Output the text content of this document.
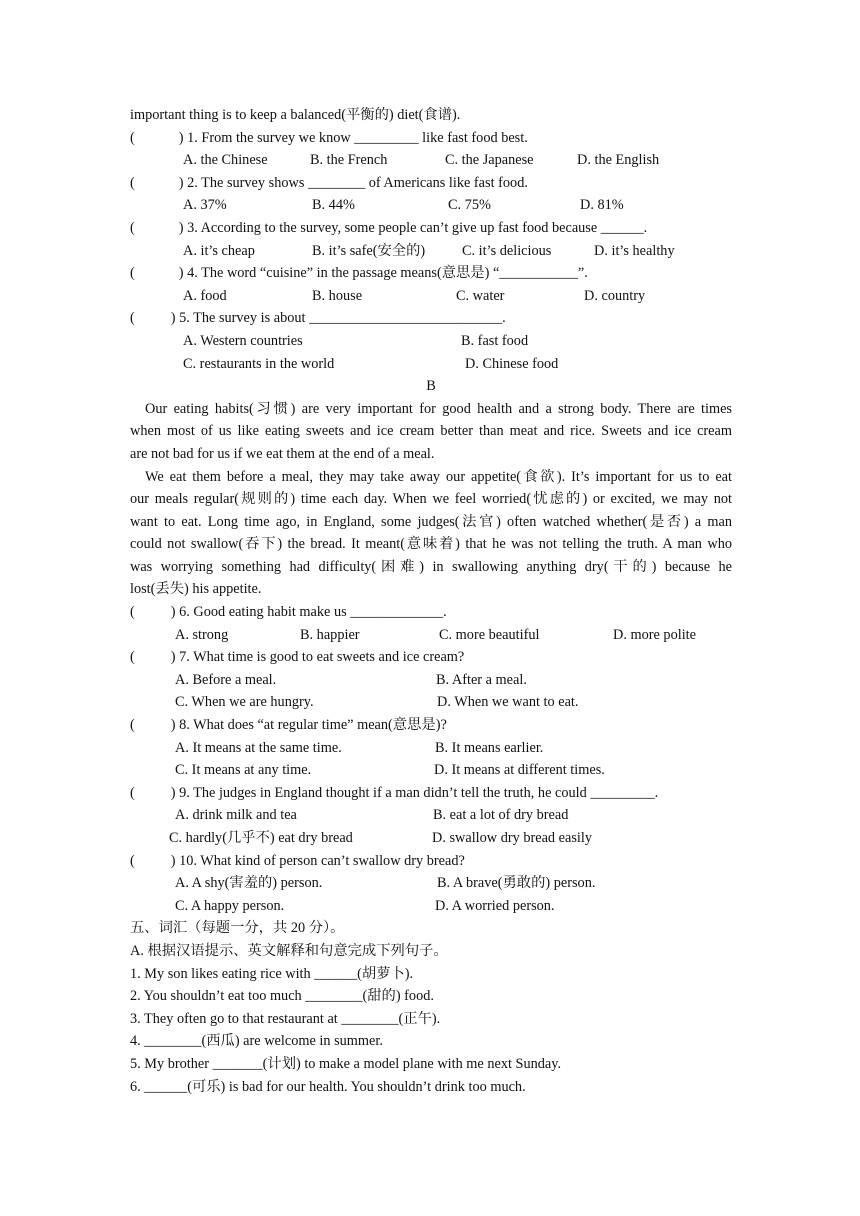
important thing is to keep a balanced(平衡的) diet(食谱).
(	) 1. From the survey we know _________ like fast food best.
A. the Chinese	B. the French	C. the Japanese	D. the English
(	) 2. The survey shows ________ of Americans like fast food.
A. 37%	B. 44%	C. 75%	D. 81%
(	) 3. According to the survey, some people can’t give up fast food because ______.
A. it’s cheap	B. it’s safe(安全的)	C. it’s delicious	D. it’s healthy
(	) 4. The word “cuisine” in the passage means(意思是) “___________”.
A. food	B. house	C. water	D. country
(	) 5. The survey is about ___________________________.
A. Western countries	B. fast food
C. restaurants in the world	D. Chinese food
B
Our eating habits(习惯) are very important for good health and a strong body. There are times
when most of us like eating sweets and ice cream better than meat and rice. Sweets and ice cream
are not bad for us if we eat them at the end of a meal.
We eat them before a meal, they may take away our appetite(食欲). It’s important for us to eat
our meals regular(规则的) time each day. When we feel worried(忧虑的) or excited, we may not
want to eat. Long time ago, in England, some judges(法官) often watched whether(是否) a man
could not swallow(吞下) the bread. It meant(意味着) that he was not telling the truth. A man who
was worrying something had difficulty(困难) in swallowing anything dry(干的) because he
lost(丢失) his appetite.
(	) 6. Good eating habit make us _____________.
A. strong	B. happier	C. more beautiful	D. more polite
(	) 7. What time is good to eat sweets and ice cream?
A. Before a meal.	B. After a meal.
C. When we are hungry.	D. When we want to eat.
(	) 8. What does “at regular time” mean(意思是)?
A. It means at the same time.	B. It means earlier.
C. It means at any time.	D. It means at different times.
(	) 9. The judges in England thought if a man didn’t tell the truth, he could _________.
A. drink milk and tea	B. eat a lot of dry bread
C. hardly(几乎不) eat dry bread	D. swallow dry bread easily
(	) 10. What kind of person can’t swallow dry bread?
A. A shy(害羞的) person.	B. A brave(勇敢的) person.
C. A happy person.	D. A worried person.
五、词汇（每题一分，共 20 分）。
A. 根据汉语提示、英文解释和句意完成下列句子。
1. My son likes eating rice with ______(胡萝卜).
2. You shouldn’t eat too much ________(甜的) food.
3. They often go to that restaurant at ________(正午).
4. ________(西瓜) are welcome in summer.
5. My brother _______(计划) to make a model plane with me next Sunday.
6. ______(可乐) is bad for our health. You shouldn’t drink too much.
